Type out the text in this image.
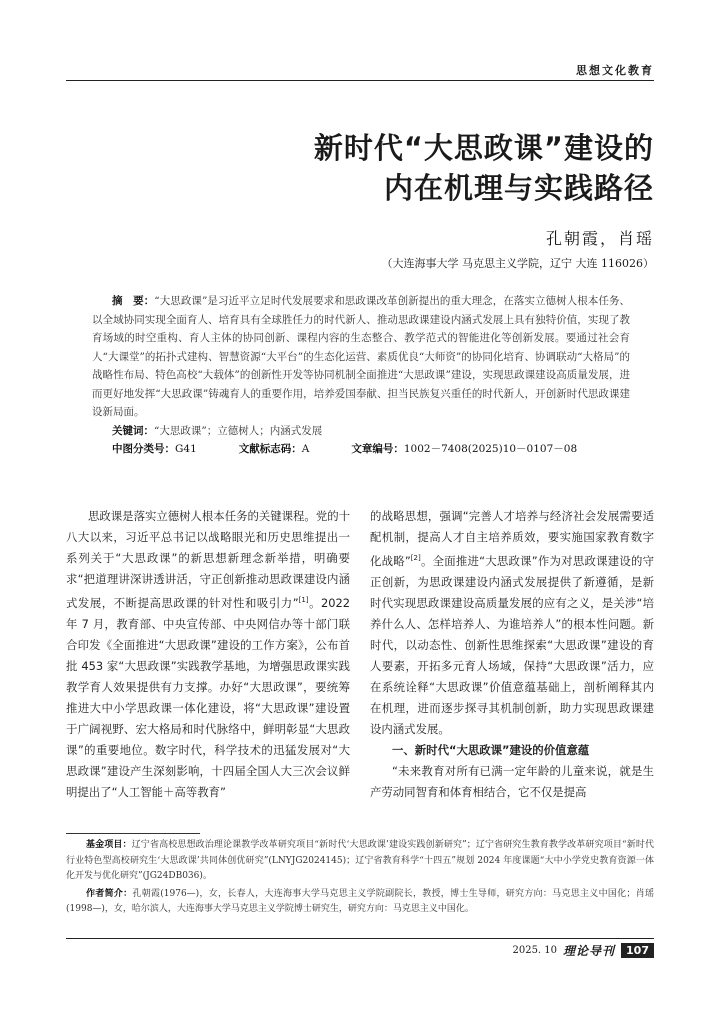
思想文化教育
新时代“大思政课”建设的
内在机理与实践路径
孔朝霞，肖瑶
（大连海事大学 马克思主义学院，辽宁 大连 116026）

摘　要：“大思政课”是习近平立足时代发展要求和思政课改革创新提出的重大理念，在落实立德树人根本任务、以全域协同实现全面育人、培育具有全球胜任力的时代新人、推动思政课建设内涵式发展上具有独特价值，实现了教育场域的时空重构、育人主体的协同创新、课程内容的生态整合、教学范式的智能进化等创新发展。要通过社会育人“大课堂”的拓扑式建构、智慧资源“大平台”的生态化运营、素质优良“大师资”的协同化培育、协调联动“大格局”的战略性布局、特色高校“大载体”的创新性开发等协同机制全面推进“大思政课”建设，实现思政课建设高质量发展，进而更好地发挥“大思政课”铸魂育人的重要作用，培养爱国奉献、担当民族复兴重任的时代新人，开创新时代思政课建设新局面。

关键词：“大思政课”；立德树人；内涵式发展

中图分类号：G41	文献标志码：A	文章编号：1002－7408(2025)10－0107－08

思政课是落实立德树人根本任务的关键课程。党的十八大以来，习近平总书记以战略眼光和历史思维提出一系列关于“大思政课”的新思想新理念新举措，明确要求“把道理讲深讲透讲活，守正创新推动思政课建设内涵式发展，不断提高思政课的针对性和吸引力”[1]。2022 年 7 月，教育部、中央宣传部、中央网信办等十部门联合印发《全面推进“大思政课”建设的工作方案》，公布首批 453 家“大思政课”实践教学基地，为增强思政课实践教学育人效果提供有力支撑。办好“大思政课”，要统筹推进大中小学思政课一体化建设，将“大思政课”建设置于广阔视野、宏大格局和时代脉络中，鲜明彰显“大思政课”的重要地位。数字时代，科学技术的迅猛发展对“大思政课”建设产生深刻影响，十四届全国人大三次会议鲜明提出了“人工智能＋高等教育”

的战略思想，强调“完善人才培养与经济社会发展需要适配机制，提高人才自主培养质效，要实施国家教育数字化战略”[2]。全面推进“大思政课”作为对思政课建设的守正创新，为思政课建设内涵式发展提供了新遵循，是新时代实现思政课建设高质量发展的应有之义，是关涉“培养什么人、怎样培养人、为谁培养人”的根本性问题。新时代，以动态性、创新性思维探索“大思政课”建设的育人要素，开拓多元育人场域，保持“大思政课”活力，应在系统诠释“大思政课”价值意蕴基础上，剖析阐释其内在机理，进而逐步探寻其机制创新，助力实现思政课建设内涵式发展。

一、新时代“大思政课”建设的价值意蕴

“未来教育对所有已满一定年龄的儿童来说，就是生产劳动同智育和体育相结合，它不仅是提高

基金项目：辽宁省高校思想政治理论课教学改革研究项目“新时代‘大思政课’建设实践创新研究”；辽宁省研究生教育教学改革研究项目“新时代行业特色型高校研究生‘大思政课’共同体创优研究”(LNYJG2024145)；辽宁省教育科学“十四五”规划 2024 年度课题“大中小学党史教育资源一体化开发与优化研究”(JG24DB036)。

作者简介：孔朝霞(1976—)，女，长春人，大连海事大学马克思主义学院副院长，教授，博士生导师，研究方向：马克思主义中国化；肖瑶(1998—)，女，哈尔滨人，大连海事大学马克思主义学院博士研究生，研究方向：马克思主义中国化。

2025. 10 理论导刊	107
